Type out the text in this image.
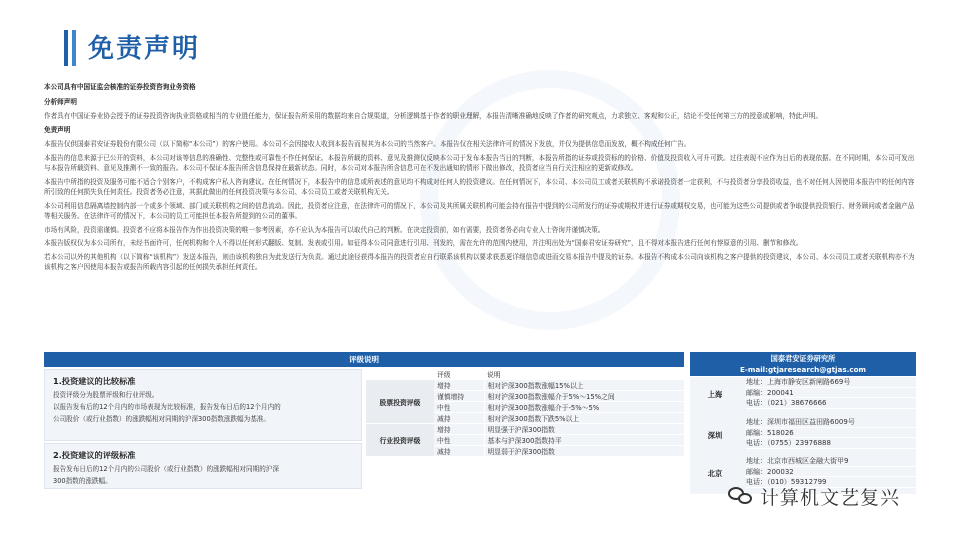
免责声明

本公司具有中国证监会核准的证券投资咨询业务资格

分析师声明

作者具有中国证券业协会授予的证券投资咨询执业资格或相当的专业胜任能力，保证报告所采用的数据均来自合规渠道，分析逻辑基于作者的职业理解，本报告清晰准确地反映了作者的研究观点，力求独立、客观和公正，结论不受任何第三方的授意或影响，特此声明。

免责声明

本报告仅供国泰君安证券股份有限公司（以下简称“本公司”）的客户使用。本公司不会因接收人收到本报告而视其为本公司的当然客户。本报告仅在相关法律许可的情况下发放，并仅为提供信息而发放，概不构成任何广告。

本报告的信息来源于已公开的资料，本公司对该等信息的准确性、完整性或可靠性不作任何保证。本报告所载的资料、意见及推测仅反映本公司于发布本报告当日的判断，本报告所指的证券或投资标的的价格、价值及投资收入可升可跌。过往表现不应作为日后的表现依据。在不同时期，本公司可发出与本报告所载资料、意见及推测不一致的报告。本公司不保证本报告所含信息保持在最新状态。同时，本公司对本报告所含信息可在不发出通知的情形下做出修改，投资者应当自行关注相应的更新或修改。

本报告中所指的投资及服务可能不适合个别客户，不构成客户私人咨询建议。在任何情况下，本报告中的信息或所表述的意见均不构成对任何人的投资建议。在任何情况下，本公司、本公司员工或者关联机构不承诺投资者一定获利，不与投资者分享投资收益，也不对任何人因使用本报告中的任何内容所引致的任何损失负任何责任。投资者务必注意，其据此做出的任何投资决策与本公司、本公司员工或者关联机构无关。

本公司利用信息隔离墙控制内部一个或多个领域、部门或关联机构之间的信息流动。因此，投资者应注意，在法律许可的情况下，本公司及其所属关联机构可能会持有报告中提到的公司所发行的证券或期权并进行证券或期权交易，也可能为这些公司提供或者争取提供投资银行、财务顾问或者金融产品等相关服务。在法律许可的情况下，本公司的员工可能担任本报告所提到的公司的董事。

市场有风险，投资需谨慎。投资者不应将本报告作为作出投资决策的唯一参考因素，亦不应认为本报告可以取代自己的判断。在决定投资前，如有需要，投资者务必向专业人士咨询并谨慎决策。

本报告版权仅为本公司所有，未经书面许可，任何机构和个人不得以任何形式翻版、复制、发表或引用。如征得本公司同意进行引用、刊发的，需在允许的范围内使用，并注明出处为“国泰君安证券研究”，且不得对本报告进行任何有悖原意的引用、删节和修改。

若本公司以外的其他机构（以下简称“该机构”）发送本报告，则由该机构独自为此发送行为负责。通过此途径获得本报告的投资者应自行联系该机构以要求获悉更详细信息或进而交易本报告中提及的证券。本报告不构成本公司向该机构之客户提供的投资建议，本公司、本公司员工或者关联机构亦不为该机构之客户因使用本报告或报告所载内容引起的任何损失承担任何责任。

评级说明
1.投资建议的比较标准
投资评级分为股票评级和行业评级。
以报告发布后的12个月内的市场表现为比较标准，报告发布日后的12个月内的
公司股价（或行业指数）的涨跌幅相对同期的沪深300指数涨跌幅为基准。
2.投资建议的评级标准
报告发布日后的12个月内的公司股价（或行业指数）的涨跌幅相对同期的沪深
300指数的涨跌幅。
	评级	说明
股票投资评级	增持	相对沪深300指数涨幅15%以上
	谨慎增持	相对沪深300指数涨幅介于5%～15%之间
	中性	相对沪深300指数涨幅介于-5%～5%
	减持	相对沪深300指数下跌5%以上
行业投资评级	增持	明显强于沪深300指数
	中性	基本与沪深300指数持平
	减持	明显弱于沪深300指数
国泰君安证券研究所
E-mail:gtjaresearch@gtjas.com
上海
地址：上海市静安区新闸路669号
邮编：200041
电话：（021）38676666
深圳
地址：深圳市福田区益田路6009号
邮编：518026
电话：（0755）23976888
北京
地址：北京市西城区金融大街甲9
邮编：200032
电话：（010）59312799
计算机文艺复兴
